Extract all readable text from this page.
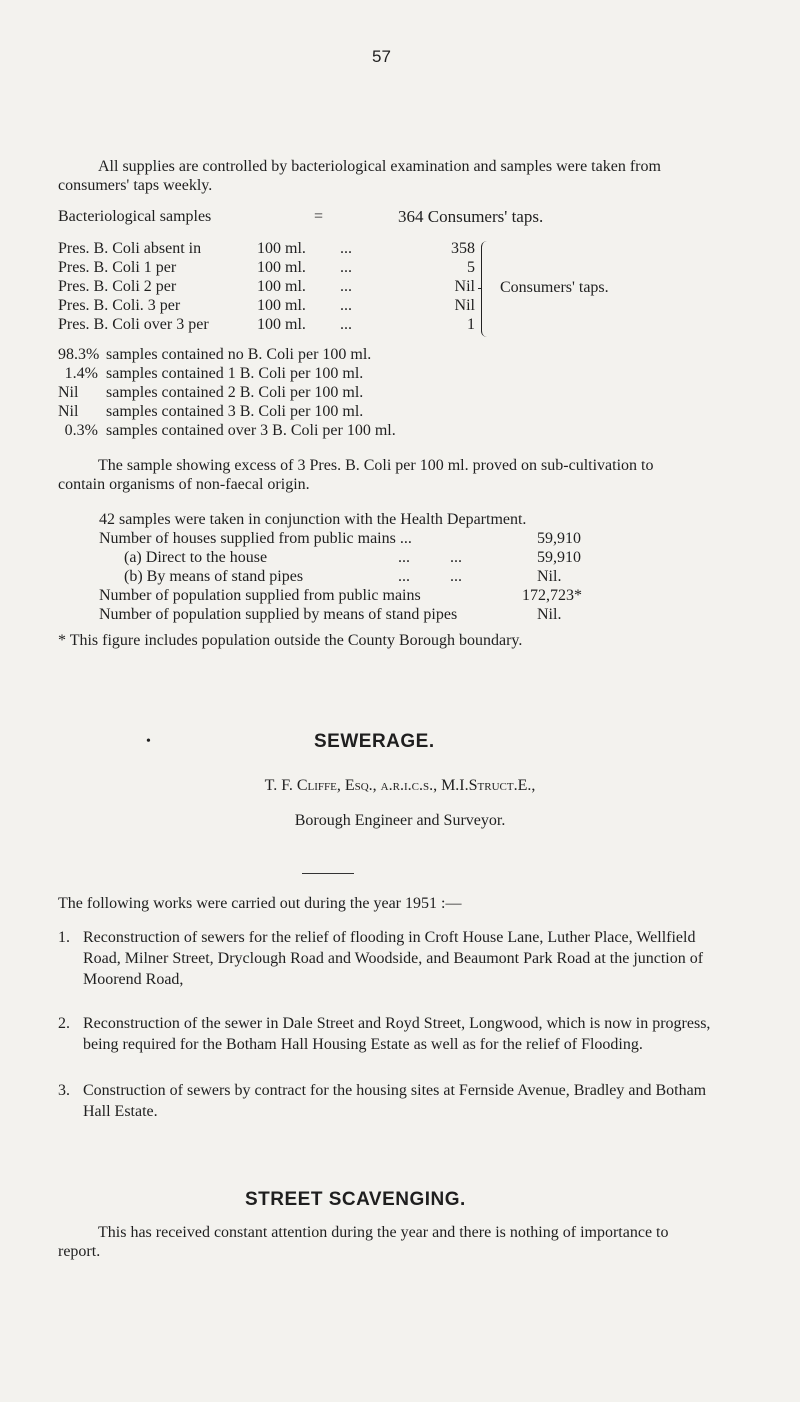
57
All supplies are controlled by bacteriological examination and samples were taken from consumers' taps weekly.
Bacteriological samples	=	364 Consumers' taps.
Pres. B. Coli absent in	100 ml. ...	358
Pres. B. Coli 1 per	100 ml. ...	5
Pres. B. Coli 2 per	100 ml. ...	Nil
Pres. B. Coli. 3 per	100 ml. ...	Nil
Pres. B. Coli over 3 per	100 ml. ...	1
Consumers' taps.
98.3% samples contained no B. Coli per 100 ml.
1.4% samples contained 1 B. Coli per 100 ml.
Nil samples contained 2 B. Coli per 100 ml.
Nil samples contained 3 B. Coli per 100 ml.
0.3% samples contained over 3 B. Coli per 100 ml.
The sample showing excess of 3 Pres. B. Coli per 100 ml. proved on sub-cultivation to contain organisms of non-faecal origin.
42 samples were taken in conjunction with the Health Department.
Number of houses supplied from public mains ...	59,910
(a) Direct to the house	...          ...	59,910
(b) By means of stand pipes	...          ...	Nil.
Number of population supplied from public mains	172,723*
Number of population supplied by means of stand pipes	Nil.
* This figure includes population outside the County Borough boundary.
•	SEWERAGE.
T. F. Cliffe, Esq., a.r.i.c.s., M.I.Struct.E.,
Borough Engineer and Surveyor.
The following works were carried out during the year 1951 :—
1. Reconstruction of sewers for the relief of flooding in Croft House Lane, Luther Place, Wellfield Road, Milner Street, Dryclough Road and Woodside, and Beaumont Park Road at the junction of Moorend Road,
2. Reconstruction of the sewer in Dale Street and Royd Street, Longwood, which is now in progress, being required for the Botham Hall Housing Estate as well as for the relief of Flooding.
3. Construction of sewers by contract for the housing sites at Fernside Avenue, Bradley and Botham Hall Estate.
STREET SCAVENGING.
This has received constant attention during the year and there is nothing of importance to report.
